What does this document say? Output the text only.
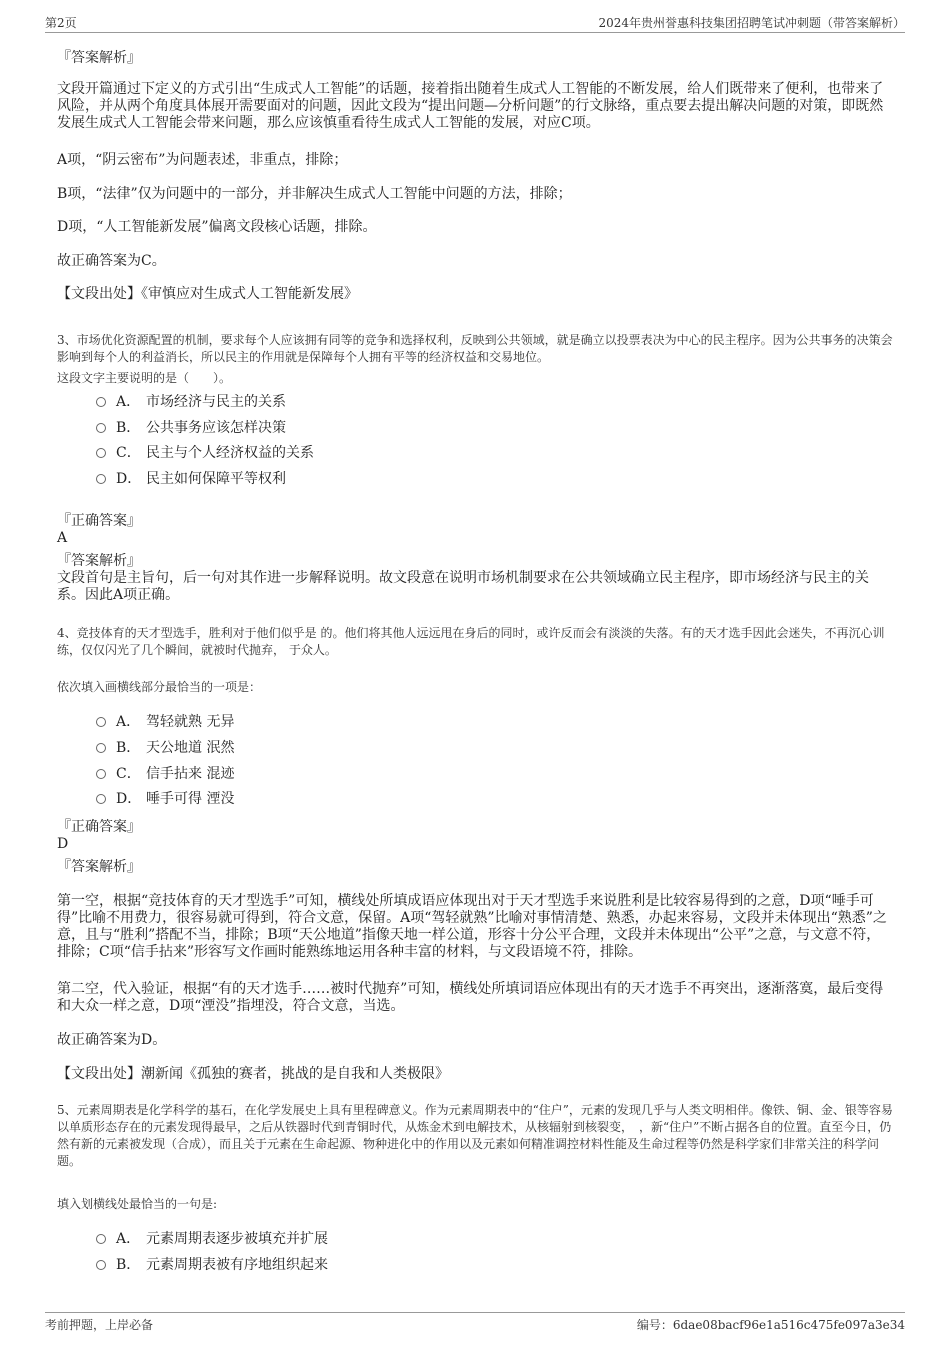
第2页	2024年贵州誉惠科技集团招聘笔试冲刺题（带答案解析）
『答案解析』
文段开篇通过下定义的方式引出“生成式人工智能”的话题，接着指出随着生成式人工智能的不断发展，给人们既带来了便利，也带来了风险，并从两个角度具体展开需要面对的问题，因此文段为“提出问题—分析问题”的行文脉络，重点要去提出解决问题的对策，即既然发展生成式人工智能会带来问题，那么应该慎重看待生成式人工智能的发展，对应C项。
A项，“阴云密布”为问题表述，非重点，排除；
B项，“法律”仅为问题中的一部分，并非解决生成式人工智能中问题的方法，排除；
D项，“人工智能新发展”偏离文段核心话题，排除。
故正确答案为C。
【文段出处】《审慎应对生成式人工智能新发展》
3、市场优化资源配置的机制，要求每个人应该拥有同等的竞争和选择权利，反映到公共领域，就是确立以投票表决为中心的民主程序。因为公共事务的决策会影响到每个人的利益消长，所以民主的作用就是保障每个人拥有平等的经济权益和交易地位。
这段文字主要说明的是（　　）。
A． 市场经济与民主的关系
B． 公共事务应该怎样决策
C． 民主与个人经济权益的关系
D． 民主如何保障平等权利
『正确答案』
A
『答案解析』
文段首句是主旨句，后一句对其作进一步解释说明。故文段意在说明市场机制要求在公共领域确立民主程序，即市场经济与民主的关系。因此A项正确。
4、竞技体育的天才型选手，胜利对于他们似乎是 的。他们将其他人远远甩在身后的同时，或许反而会有淡淡的失落。有的天才选手因此会迷失，不再沉心训练，仅仅闪光了几个瞬间，就被时代抛弃， 于众人。
依次填入画横线部分最恰当的一项是：
A． 驾轻就熟 无异
B． 天公地道 泯然
C． 信手拈来 混迹
D． 唾手可得 湮没
『正确答案』
D
『答案解析』
第一空，根据“竞技体育的天才型选手”可知，横线处所填成语应体现出对于天才型选手来说胜利是比较容易得到的之意，D项“唾手可得”比喻不用费力，很容易就可得到，符合文意，保留。A项“驾轻就熟”比喻对事情清楚、熟悉，办起来容易，文段并未体现出“熟悉”之意，且与“胜利”搭配不当，排除；B项“天公地道”指像天地一样公道，形容十分公平合理，文段并未体现出“公平”之意，与文意不符，排除；C项“信手拈来”形容写文作画时能熟练地运用各种丰富的材料，与文段语境不符，排除。
第二空，代入验证，根据“有的天才选手……被时代抛弃”可知，横线处所填词语应体现出有的天才选手不再突出，逐渐落寞，最后变得和大众一样之意，D项“湮没”指埋没，符合文意，当选。
故正确答案为D。
【文段出处】潮新闻《孤独的赛者，挑战的是自我和人类极限》
5、元素周期表是化学科学的基石，在化学发展史上具有里程碑意义。作为元素周期表中的“住户”，元素的发现几乎与人类文明相伴。像铁、铜、金、银等容易以单质形态存在的元素发现得最早，之后从铁器时代到青铜时代，从炼金术到电解技术，从核辐射到核裂变，　，新“住户”不断占据各自的位置。直至今日，仍然有新的元素被发现（合成），而且关于元素在生命起源、物种进化中的作用以及元素如何精准调控材料性能及生命过程等仍然是科学家们非常关注的科学问题。
填入划横线处最恰当的一句是:
A． 元素周期表逐步被填充并扩展
B． 元素周期表被有序地组织起来
考前押题，上岸必备	编号：6dae08bacf96e1a516c475fe097a3e34
